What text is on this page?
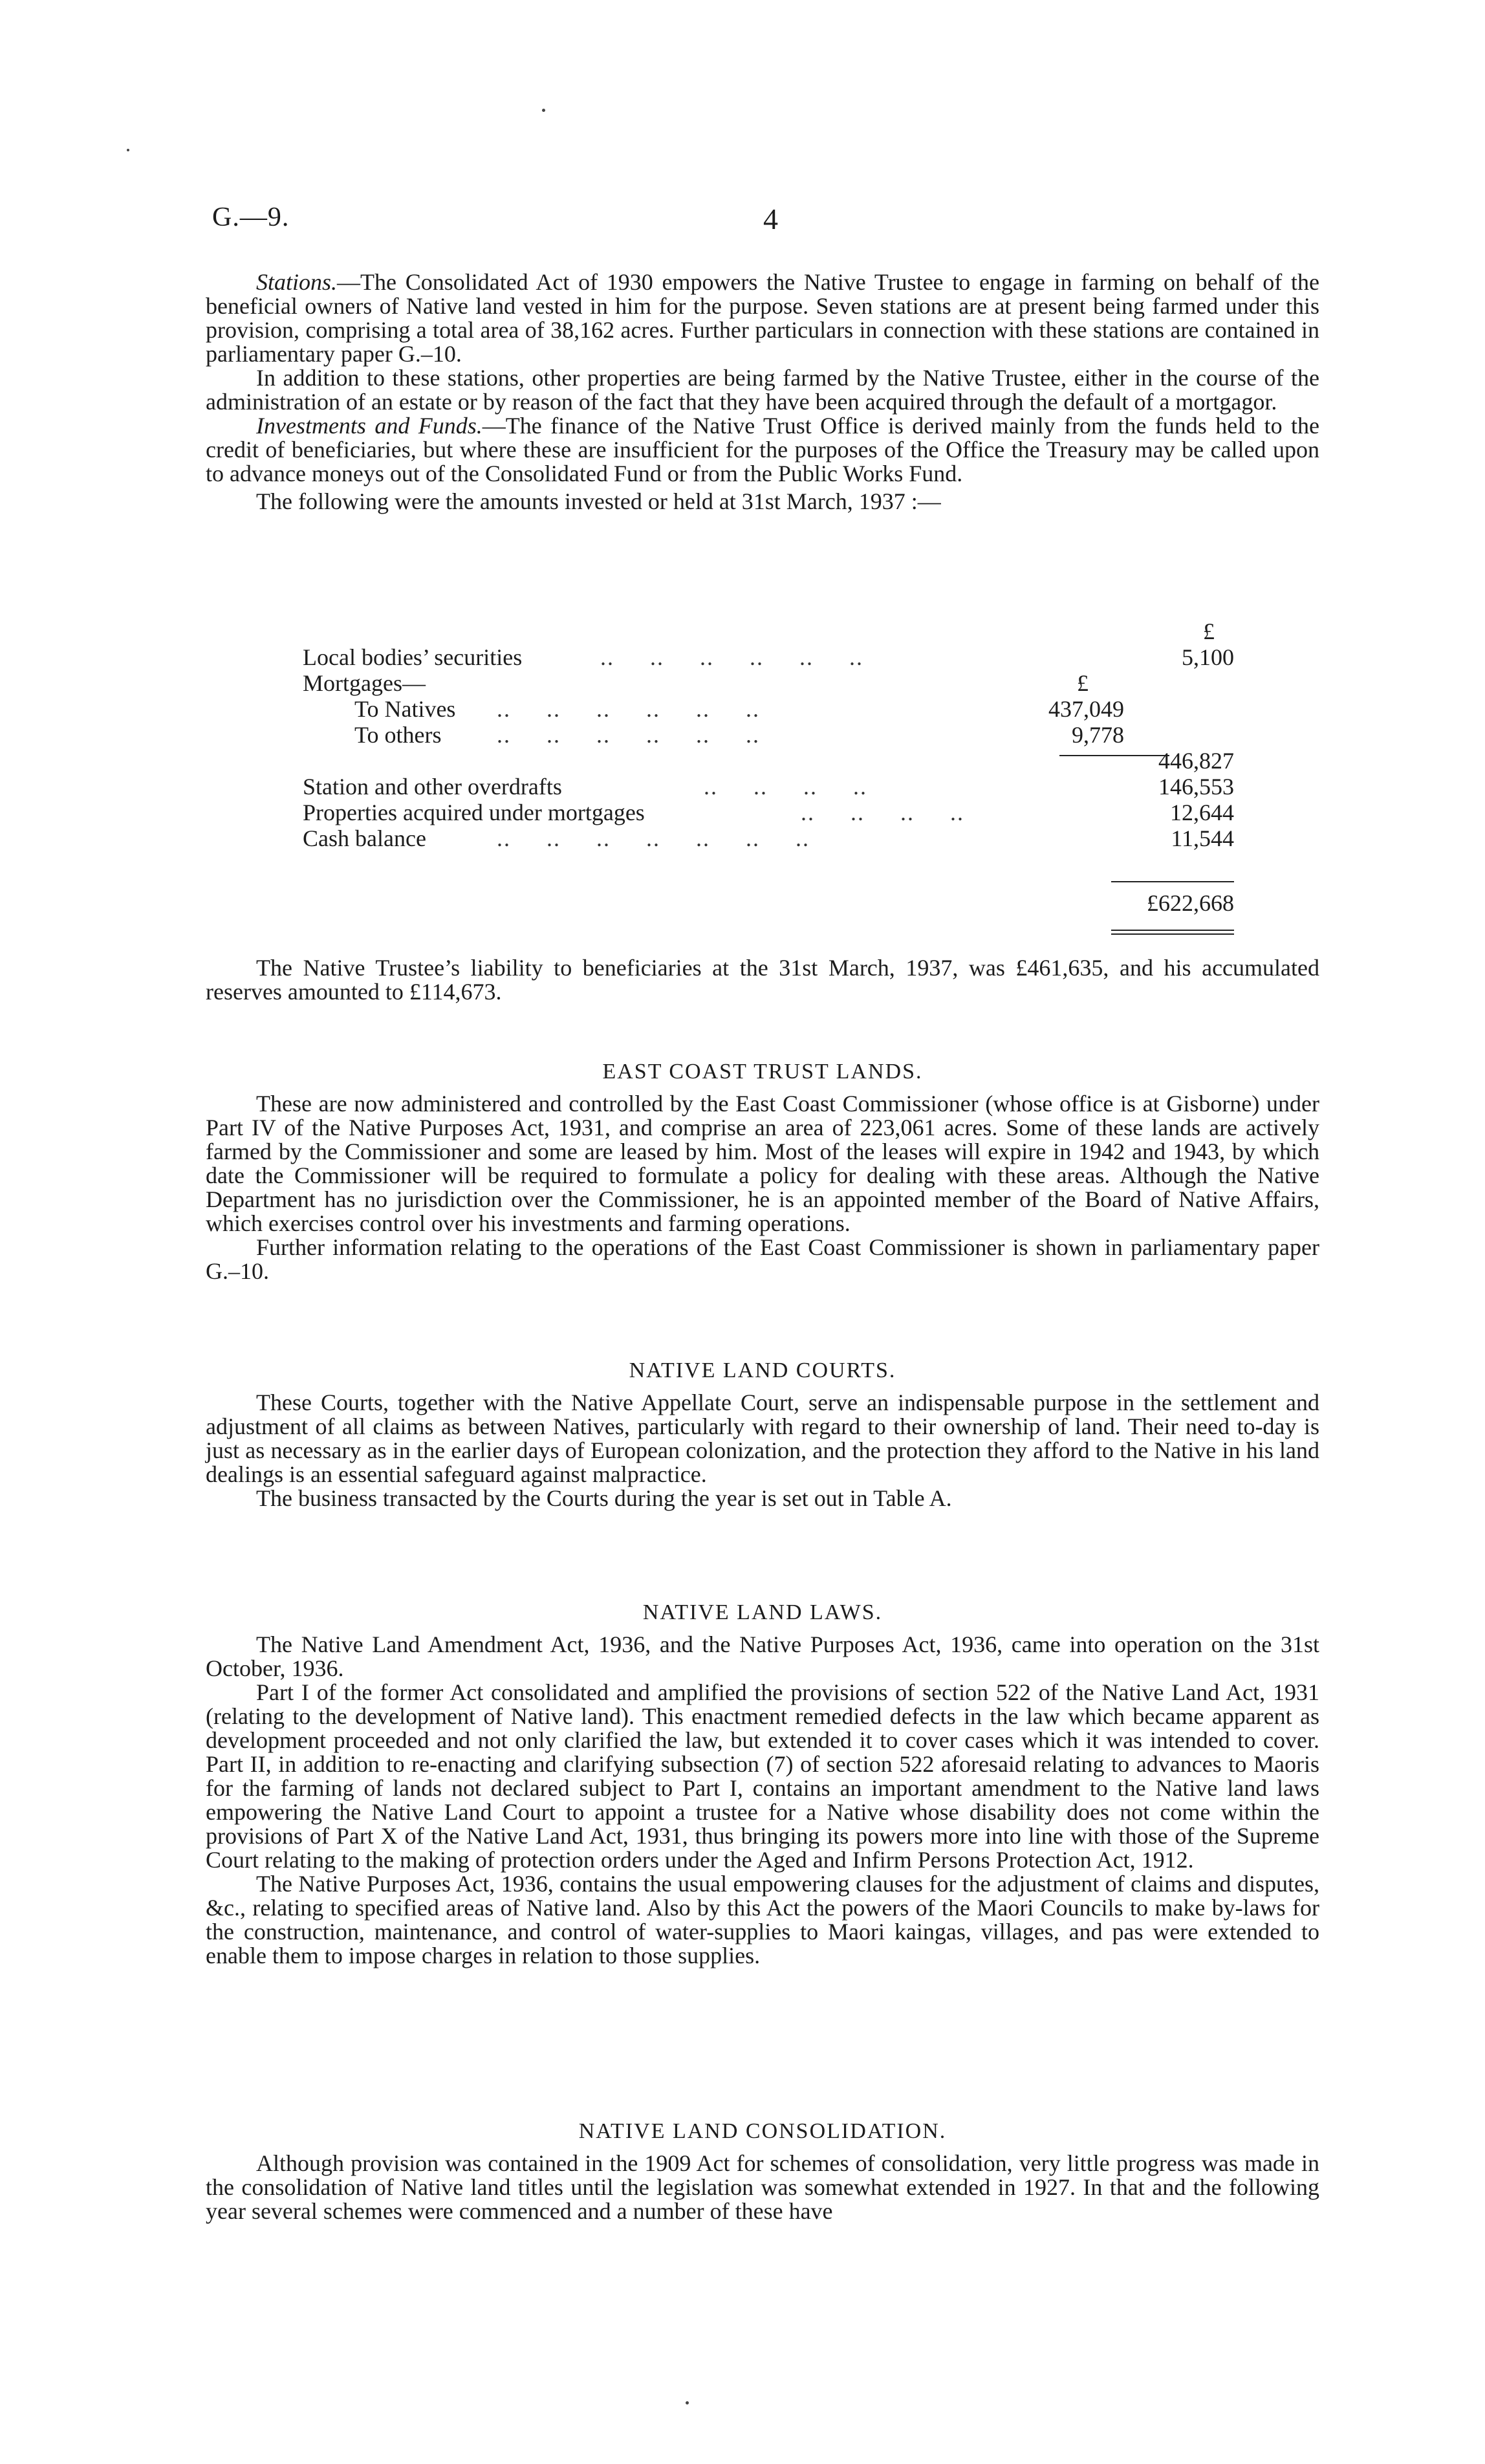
G.—9.	4

Stations.—The Consolidated Act of 1930 empowers the Native Trustee to engage in farming on behalf of the beneficial owners of Native land vested in him for the purpose. Seven stations are at present being farmed under this provision, comprising a total area of 38,162 acres. Further particulars in connection with these stations are contained in parliamentary paper G.–10.

In addition to these stations, other properties are being farmed by the Native Trustee, either in the course of the administration of an estate or by reason of the fact that they have been acquired through the default of a mortgagor.

Investments and Funds.—The finance of the Native Trust Office is derived mainly from the funds held to the credit of beneficiaries, but where these are insufficient for the purposes of the Office the Treasury may be called upon to advance moneys out of the Consolidated Fund or from the Public Works Fund.

The following were the amounts invested or held at 31st March, 1937 :—

£
Local bodies’ securities	..     ..     ..     ..     ..     ..	5,100
Mortgages—	£
To Natives ..     ..     ..     ..     ..     ..	437,049
To others ..     ..     ..     ..     ..     ..	9,778
446,827
Station and other overdrafts	..     ..     ..     ..	146,553
Properties acquired under mortgages	..     ..     ..     ..	12,644
Cash balance	..     ..     ..     ..     ..     ..     ..	11,544
£622,668

The Native Trustee’s liability to beneficiaries at the 31st March, 1937, was £461,635, and his accumulated reserves amounted to £114,673.

EAST COAST TRUST LANDS.

These are now administered and controlled by the East Coast Commissioner (whose office is at Gisborne) under Part IV of the Native Purposes Act, 1931, and comprise an area of 223,061 acres. Some of these lands are actively farmed by the Commissioner and some are leased by him. Most of the leases will expire in 1942 and 1943, by which date the Commissioner will be required to formulate a policy for dealing with these areas. Although the Native Department has no jurisdiction over the Commissioner, he is an appointed member of the Board of Native Affairs, which exercises control over his investments and farming operations.

Further information relating to the operations of the East Coast Commissioner is shown in parliamentary paper G.–10.

NATIVE LAND COURTS.

These Courts, together with the Native Appellate Court, serve an indispensable purpose in the settlement and adjustment of all claims as between Natives, particularly with regard to their ownership of land. Their need to-day is just as necessary as in the earlier days of European colonization, and the protection they afford to the Native in his land dealings is an essential safeguard against malpractice.

The business transacted by the Courts during the year is set out in Table A.

NATIVE LAND LAWS.

The Native Land Amendment Act, 1936, and the Native Purposes Act, 1936, came into operation on the 31st October, 1936.

Part I of the former Act consolidated and amplified the provisions of section 522 of the Native Land Act, 1931 (relating to the development of Native land). This enactment remedied defects in the law which became apparent as development proceeded and not only clarified the law, but extended it to cover cases which it was intended to cover. Part II, in addition to re-enacting and clarifying subsection (7) of section 522 aforesaid relating to advances to Maoris for the farming of lands not declared subject to Part I, contains an important amendment to the Native land laws empowering the Native Land Court to appoint a trustee for a Native whose disability does not come within the provisions of Part X of the Native Land Act, 1931, thus bringing its powers more into line with those of the Supreme Court relating to the making of protection orders under the Aged and Infirm Persons Protection Act, 1912.

The Native Purposes Act, 1936, contains the usual empowering clauses for the adjustment of claims and disputes, &c., relating to specified areas of Native land. Also by this Act the powers of the Maori Councils to make by-laws for the construction, maintenance, and control of water-supplies to Maori kaingas, villages, and pas were extended to enable them to impose charges in relation to those supplies.

NATIVE LAND CONSOLIDATION.

Although provision was contained in the 1909 Act for schemes of consolidation, very little progress was made in the consolidation of Native land titles until the legislation was somewhat extended in 1927. In that and the following year several schemes were commenced and a number of these have
